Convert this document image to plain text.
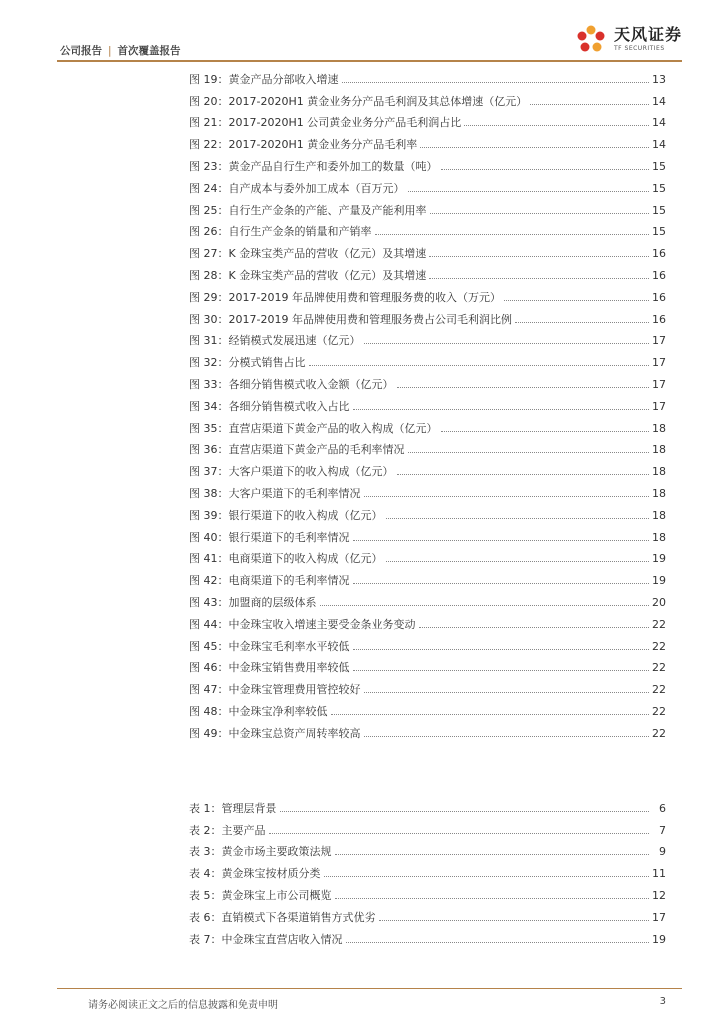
公司报告 | 首次覆盖报告
天风证券
TF SECURITIES
图 19：黄金产品分部收入增速	13
图 20：2017-2020H1 黄金业务分产品毛利润及其总体增速（亿元）	14
图 21：2017-2020H1 公司黄金业务分产品毛利润占比	14
图 22：2017-2020H1 黄金业务分产品毛利率	14
图 23：黄金产品自行生产和委外加工的数量（吨）	15
图 24：自产成本与委外加工成本（百万元）	15
图 25：自行生产金条的产能、产量及产能利用率	15
图 26：自行生产金条的销量和产销率	15
图 27：K 金珠宝类产品的营收（亿元）及其增速	16
图 28：K 金珠宝类产品的营收（亿元）及其增速	16
图 29：2017-2019 年品牌使用费和管理服务费的收入（万元）	16
图 30：2017-2019 年品牌使用费和管理服务费占公司毛利润比例	16
图 31：经销模式发展迅速（亿元）	17
图 32：分模式销售占比	17
图 33：各细分销售模式收入金额（亿元）	17
图 34：各细分销售模式收入占比	17
图 35：直营店渠道下黄金产品的收入构成（亿元）	18
图 36：直营店渠道下黄金产品的毛利率情况	18
图 37：大客户渠道下的收入构成（亿元）	18
图 38：大客户渠道下的毛利率情况	18
图 39：银行渠道下的收入构成（亿元）	18
图 40：银行渠道下的毛利率情况	18
图 41：电商渠道下的收入构成（亿元）	19
图 42：电商渠道下的毛利率情况	19
图 43：加盟商的层级体系	20
图 44：中金珠宝收入增速主要受金条业务变动	22
图 45：中金珠宝毛利率水平较低	22
图 46：中金珠宝销售费用率较低	22
图 47：中金珠宝管理费用管控较好	22
图 48：中金珠宝净利率较低	22
图 49：中金珠宝总资产周转率较高	22
表 1：管理层背景	6
表 2：主要产品	7
表 3：黄金市场主要政策法规	9
表 4：黄金珠宝按材质分类	11
表 5：黄金珠宝上市公司概览	12
表 6：直销模式下各渠道销售方式优劣	17
表 7：中金珠宝直营店收入情况	19
请务必阅读正文之后的信息披露和免责申明	3
